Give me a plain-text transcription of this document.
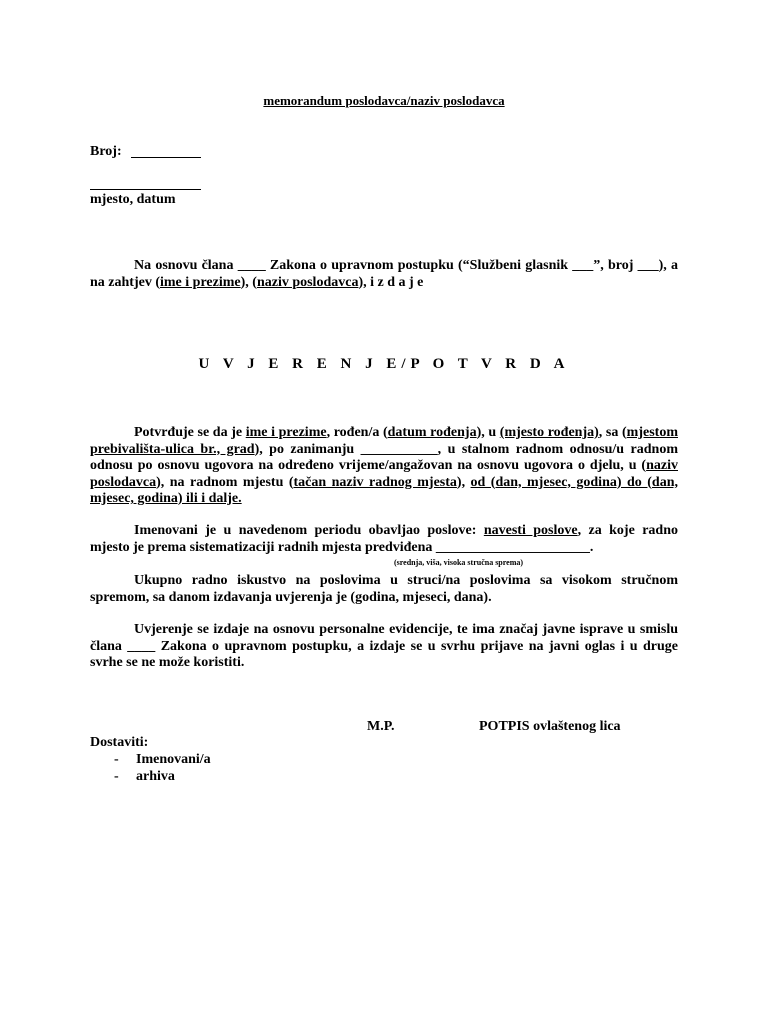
memorandum poslodavca/naziv poslodavca
Broj:
mjesto, datum
Na osnovu člana ____ Zakona o upravnom postupku (“Službeni glasnik ___”, broj ___), a na zahtjev (ime i prezime), (naziv poslodavca), i z d a j e
U V J E R E N J E/P O T V R D A
Potvrđuje se da je ime i prezime, rođen/a (datum rođenja), u (mjesto rođenja), sa (mjestom prebivališta-ulica br., grad), po zanimanju ___________, u stalnom radnom odnosu/u radnom odnosu po osnovu ugovora na određeno vrijeme/angažovan na osnovu ugovora o djelu, u (naziv poslodavca), na radnom mjestu (tačan naziv radnog mjesta), od (dan, mjesec, godina) do (dan, mjesec, godina) ili i dalje.
Imenovani je u navedenom periodu obavljao poslove: navesti poslove, za koje radno mjesto je prema sistematizaciji radnih mjesta predviđena ______________________.
(srednja, viša, visoka stručna sprema)
Ukupno radno iskustvo na poslovima u struci/na poslovima sa visokom stručnom spremom, sa danom izdavanja uvjerenja je (godina, mjeseci, dana).
Uvjerenje se izdaje na osnovu personalne evidencije, te ima značaj javne isprave u smislu člana ____ Zakona o upravnom postupku, a izdaje se u svrhu prijave na javni oglas i u druge svrhe se ne može koristiti.
M.P.	POTPIS ovlaštenog lica
Dostaviti:
- Imenovani/a
- arhiva
